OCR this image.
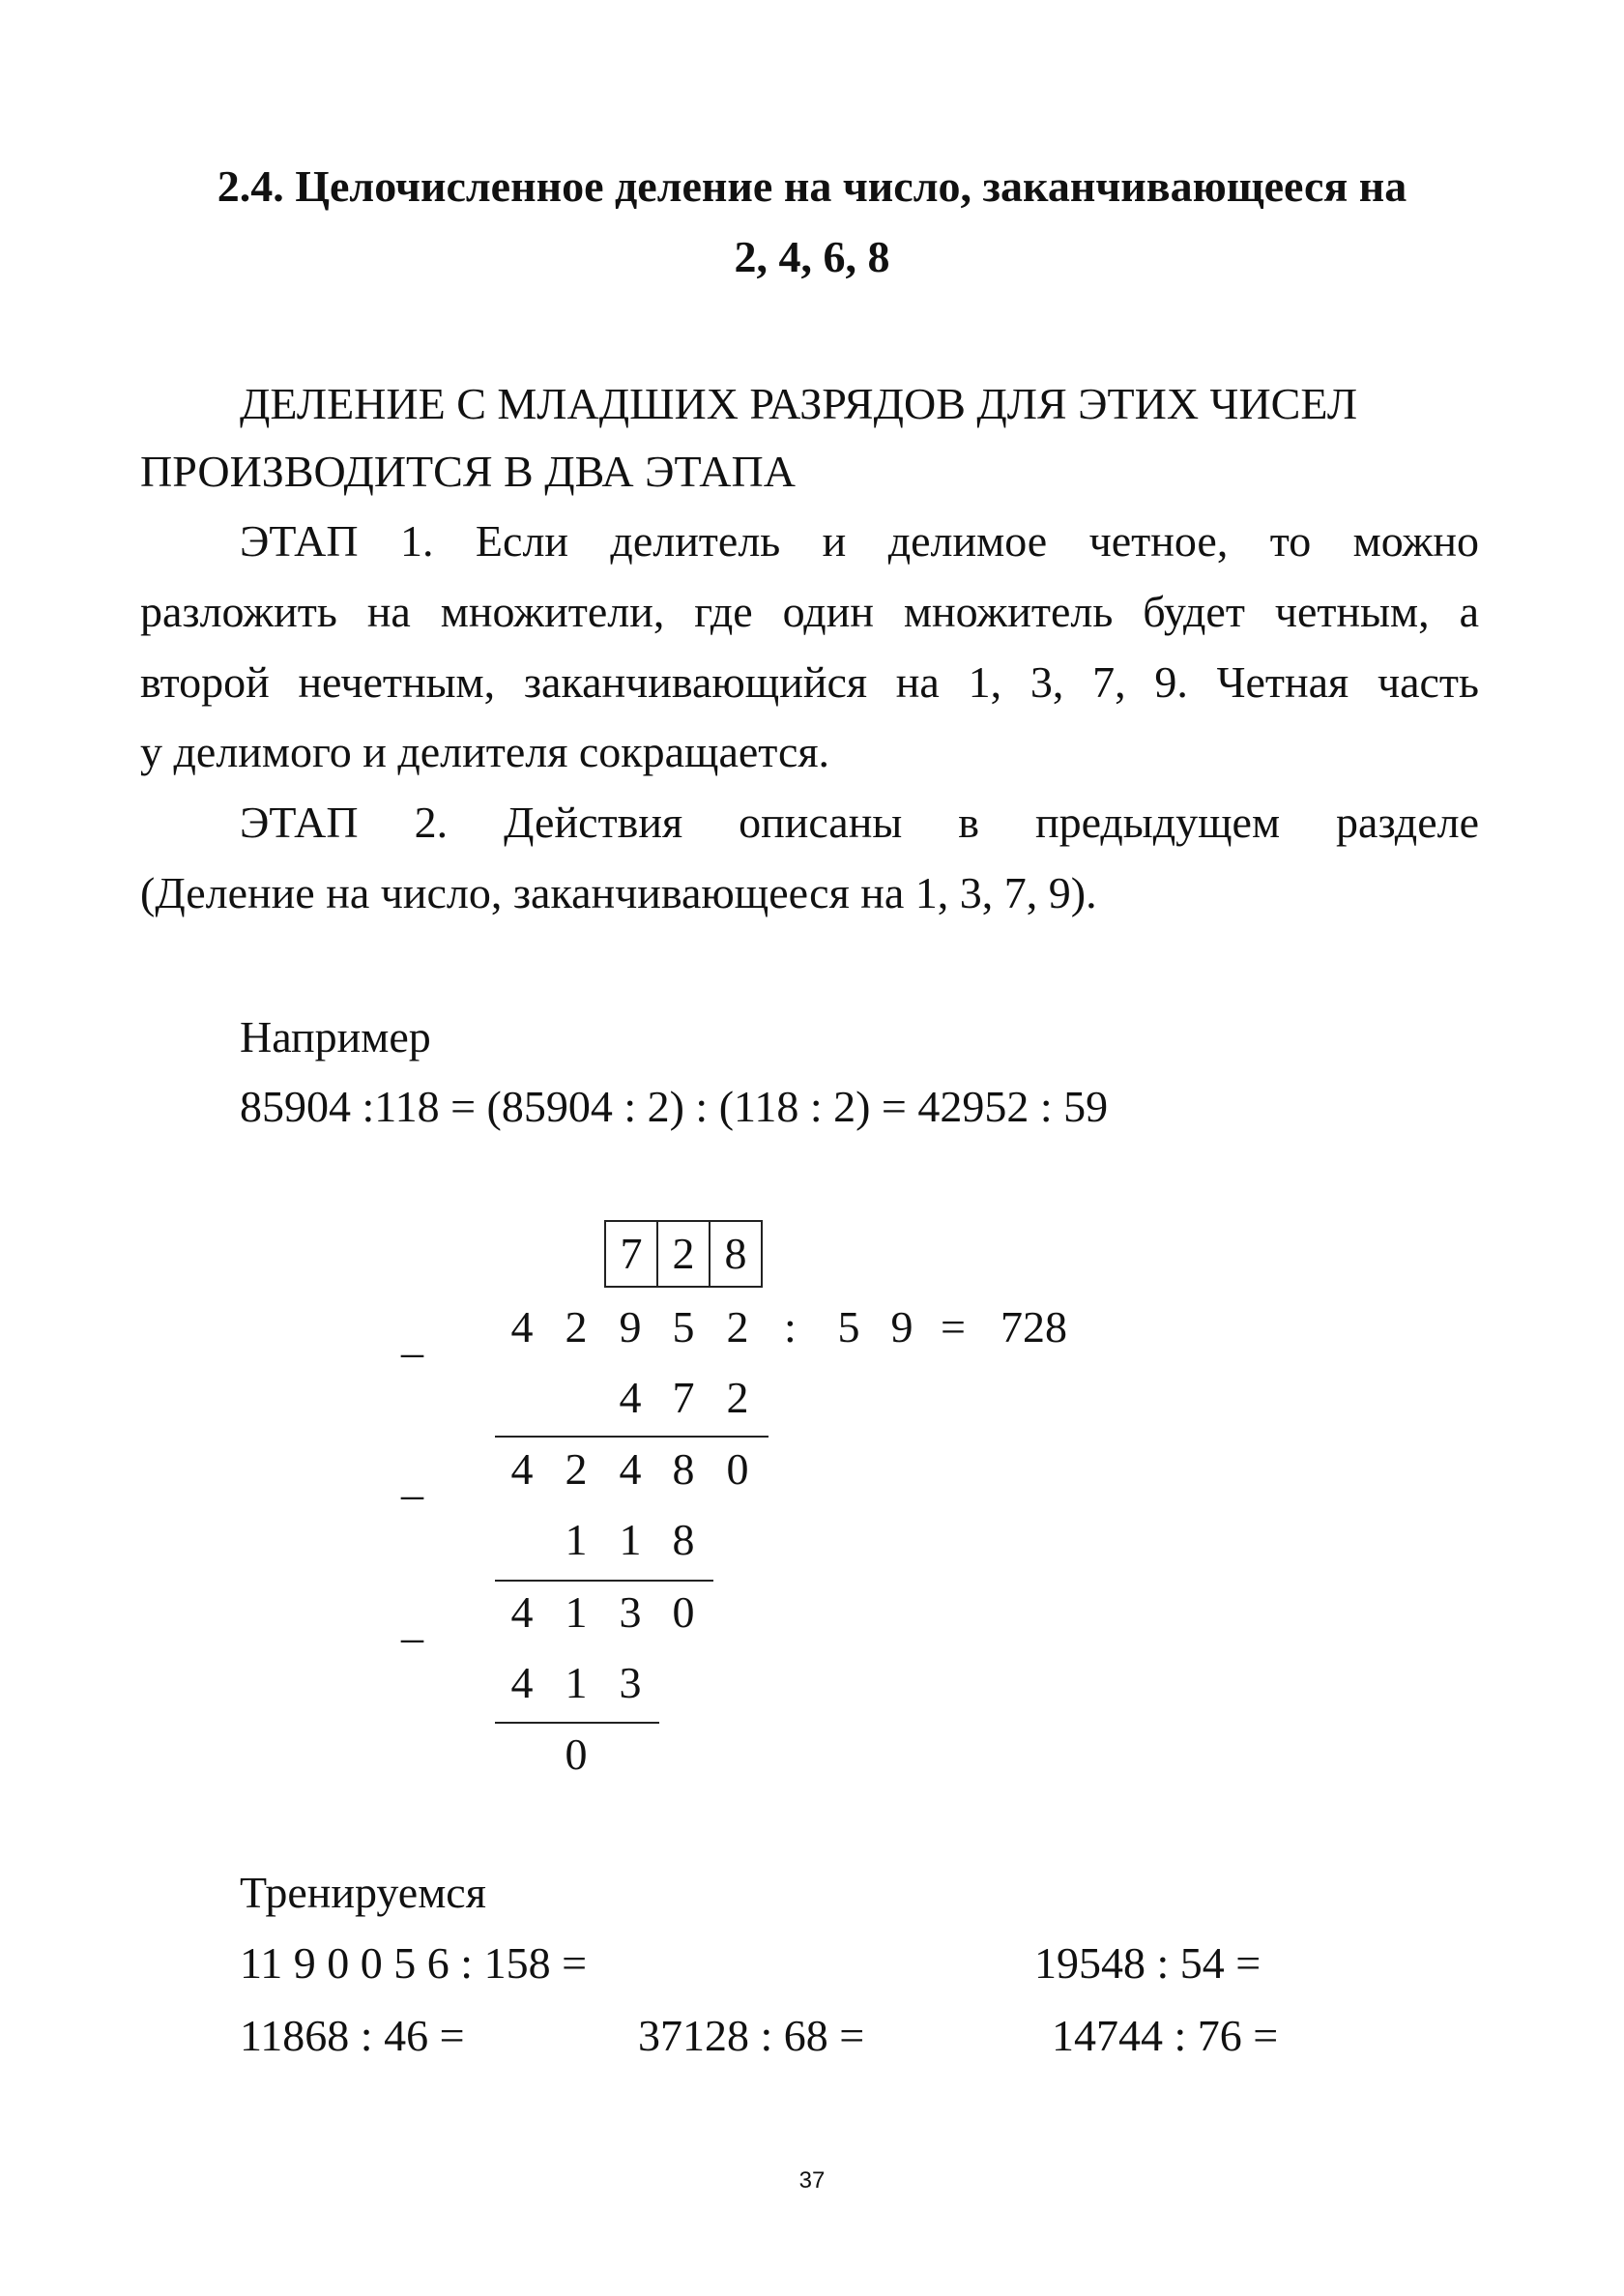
2.4. Целочисленное деление на число, заканчивающееся на
2, 4, 6, 8
ДЕЛЕНИЕ С МЛАДШИХ РАЗРЯДОВ ДЛЯ ЭТИХ ЧИСЕЛ
ПРОИЗВОДИТСЯ В ДВА ЭТАПА
ЭТАП 1. Если делитель и делимое четное, то можно
разложить на множители, где один множитель будет четным, а
второй нечетным, заканчивающийся на 1, 3, 7, 9. Четная часть
у делимого и делителя сокращается.
ЭТАП 2. Действия описаны в предыдущем разделе
(Деление на число, заканчивающееся на 1, 3, 7, 9).
Например
85904 :118 = (85904 : 2) : (118 : 2) = 42952 : 59
7 2 8
_ 4 2 9 5 2 : 5 9 = 728
4 7 2
_ 4 2 4 8 0
1 1 8
_ 4 1 3 0
4 1 3
0
Тренируемся
11 9 0 0 5 6 : 158 =	19548 : 54 =
11868 : 46 =	37128 : 68 =	14744 : 76 =
37
